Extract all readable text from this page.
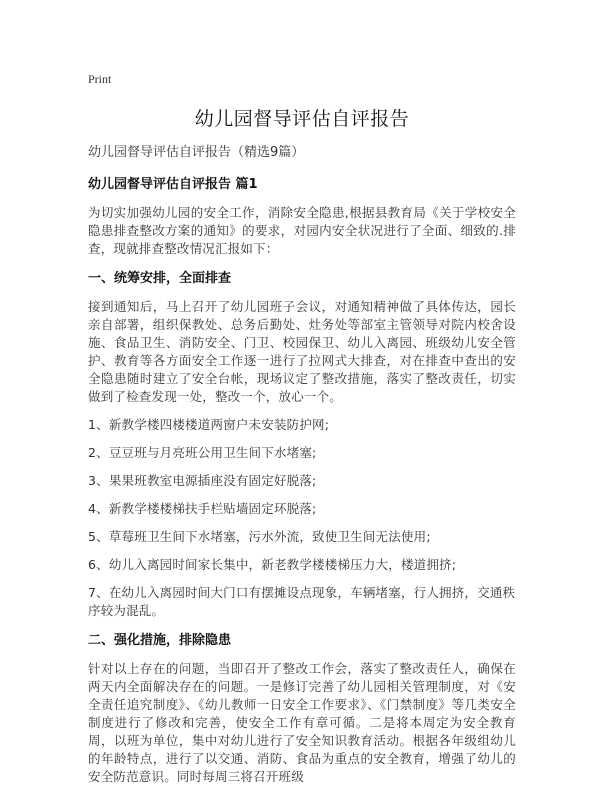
Print
幼儿园督导评估自评报告
幼儿园督导评估自评报告（精选9篇）
幼儿园督导评估自评报告 篇1

为切实加强幼儿园的安全工作，消除安全隐患,根据县教育局《关于学校安全隐患排查整改方案的通知》的要求，对园内安全状况进行了全面、细致的.排查，现就排查整改情况汇报如下：

一、统筹安排，全面排查

接到通知后，马上召开了幼儿园班子会议，对通知精神做了具体传达，园长亲自部署，组织保教处、总务后勤处、灶务处等部室主管领导对院内校舍设施、食品卫生、消防安全、门卫、校园保卫、幼儿入离园、班级幼儿安全管护、教育等各方面安全工作逐一进行了拉网式大排查，对在排查中查出的安全隐患随时建立了安全台帐，现场议定了整改措施，落实了整改责任，切实做到了检查发现一处，整改一个，放心一个。

1、新教学楼四楼楼道两窗户未安装防护网;

2、豆豆班与月亮班公用卫生间下水堵塞;

3、果果班教室电源插座没有固定好脱落;

4、新教学楼楼梯扶手栏贴墙固定环脱落;

5、草莓班卫生间下水堵塞，污水外流，致使卫生间无法使用;

6、幼儿入离园时间家长集中，新老教学楼楼梯压力大，楼道拥挤;

7、在幼儿入离园时间大门口有摆摊设点现象，车辆堵塞，行人拥挤，交通秩序较为混乱。

二、强化措施，排除隐患

针对以上存在的问题，当即召开了整改工作会，落实了整改责任人，确保在两天内全面解决存在的问题。一是修订完善了幼儿园相关管理制度，对《安全责任追究制度》、《幼儿教师一日安全工作要求》、《门禁制度》等几类安全制度进行了修改和完善，使安全工作有章可循。二是将本周定为安全教育周，以班为单位，集中对幼儿进行了安全知识教育活动。根据各年级组幼儿的年龄特点，进行了以交通、消防、食品为重点的安全教育，增强了幼儿的安全防范意识。同时每周三将召开班级
